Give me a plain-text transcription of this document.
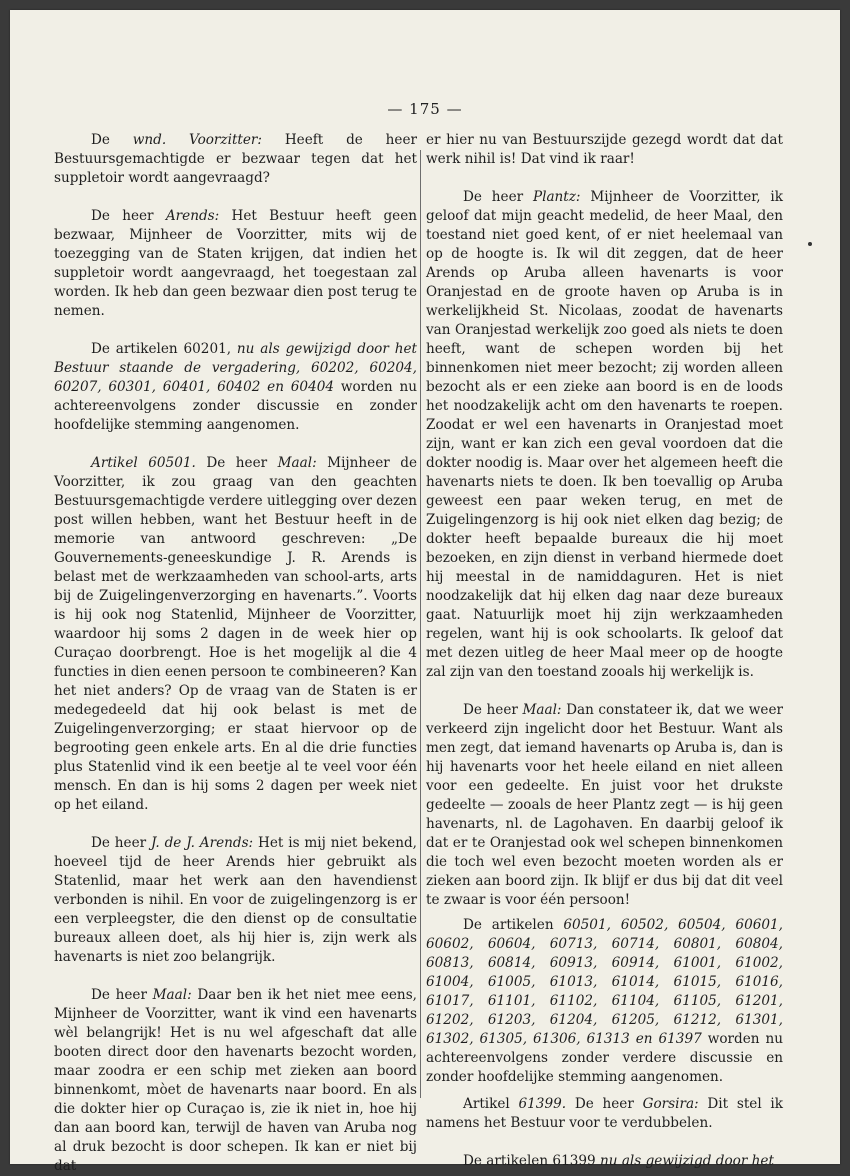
— 175 —

De wnd. Voorzitter: Heeft de heer Bestuursgemachtigde er bezwaar tegen dat het suppletoir wordt aangevraagd?

De heer Arends: Het Bestuur heeft geen bezwaar, Mijnheer de Voorzitter, mits wij de toezegging van de Staten krijgen, dat indien het suppletoir wordt aangevraagd, het toegestaan zal worden. Ik heb dan geen bezwaar dien post terug te nemen.

De artikelen 60201, nu als gewijzigd door het Bestuur staande de vergadering, 60202, 60204, 60207, 60301, 60401, 60402 en 60404 worden nu achtereenvolgens zonder discussie en zonder hoofdelijke stemming aangenomen.

Artikel 60501. De heer Maal: Mijnheer de Voorzitter, ik zou graag van den geachten Bestuursgemachtigde verdere uitlegging over dezen post willen hebben, want het Bestuur heeft in de memorie van antwoord geschreven: „De Gouvernements-geneeskundige J. R. Arends is belast met de werkzaamheden van school-arts, arts bij de Zuigelingenverzorging en havenarts.”. Voorts is hij ook nog Statenlid, Mijnheer de Voorzitter, waardoor hij soms 2 dagen in de week hier op Curaçao doorbrengt. Hoe is het mogelijk al die 4 functies in dien eenen persoon te combineeren? Kan het niet anders? Op de vraag van de Staten is er medegedeeld dat hij ook belast is met de Zuigelingenverzorging; er staat hiervoor op de begrooting geen enkele arts. En al die drie functies plus Statenlid vind ik een beetje al te veel voor één mensch. En dan is hij soms 2 dagen per week niet op het eiland.

De heer J. de J. Arends: Het is mij niet bekend, hoeveel tijd de heer Arends hier gebruikt als Statenlid, maar het werk aan den havendienst verbonden is nihil. En voor de zuigelingenzorg is er een verpleegster, die den dienst op de consultatie bureaux alleen doet, als hij hier is, zijn werk als havenarts is niet zoo belangrijk.

De heer Maal: Daar ben ik het niet mee eens, Mijnheer de Voorzitter, want ik vind een havenarts wèl belangrijk! Het is nu wel afgeschaft dat alle booten direct door den havenarts bezocht worden, maar zoodra er een schip met zieken aan boord binnenkomt, mòet de havenarts naar boord. En als die dokter hier op Curaçao is, zie ik niet in, hoe hij dan aan boord kan, terwijl de haven van Aruba nog al druk bezocht is door schepen. Ik kan er niet bij dat

er hier nu van Bestuurszijde gezegd wordt dat dat werk nihil is! Dat vind ik raar!

De heer Plantz: Mijnheer de Voorzitter, ik geloof dat mijn geacht medelid, de heer Maal, den toestand niet goed kent, of er niet heelemaal van op de hoogte is. Ik wil dit zeggen, dat de heer Arends op Aruba alleen havenarts is voor Oranjestad en de groote haven op Aruba is in werkelijkheid St. Nicolaas, zoodat de havenarts van Oranjestad werkelijk zoo goed als niets te doen heeft, want de schepen worden bij het binnenkomen niet meer bezocht; zij worden alleen bezocht als er een zieke aan boord is en de loods het noodzakelijk acht om den havenarts te roepen. Zoodat er wel een havenarts in Oranjestad moet zijn, want er kan zich een geval voordoen dat die dokter noodig is. Maar over het algemeen heeft die havenarts niets te doen. Ik ben toevallig op Aruba geweest een paar weken terug, en met de Zuigelingenzorg is hij ook niet elken dag bezig; de dokter heeft bepaalde bureaux die hij moet bezoeken, en zijn dienst in verband hiermede doet hij meestal in de namiddaguren. Het is niet noodzakelijk dat hij elken dag naar deze bureaux gaat. Natuurlijk moet hij zijn werkzaamheden regelen, want hij is ook schoolarts. Ik geloof dat met dezen uitleg de heer Maal meer op de hoogte zal zijn van den toestand zooals hij werkelijk is.

De heer Maal: Dan constateer ik, dat we weer verkeerd zijn ingelicht door het Bestuur. Want als men zegt, dat iemand havenarts op Aruba is, dan is hij havenarts voor het heele eiland en niet alleen voor een gedeelte. En juist voor het drukste gedeelte — zooals de heer Plantz zegt — is hij geen havenarts, nl. de Lagohaven. En daarbij geloof ik dat er te Oranjestad ook wel schepen binnenkomen die toch wel even bezocht moeten worden als er zieken aan boord zijn. Ik blijf er dus bij dat dit veel te zwaar is voor één persoon!

De artikelen 60501, 60502, 60504, 60601, 60602, 60604, 60713, 60714, 60801, 60804, 60813, 60814, 60913, 60914, 61001, 61002, 61004, 61005, 61013, 61014, 61015, 61016, 61017, 61101, 61102, 61104, 61105, 61201, 61202, 61203, 61204, 61205, 61212, 61301, 61302, 61305, 61306, 61313 en 61397 worden nu achtereenvolgens zonder verdere discussie en zonder hoofdelijke stemming aangenomen.

Artikel 61399. De heer Gorsira: Dit stel ik namens het Bestuur voor te verdubbelen.

De artikelen 61399 nu als gewijzigd door het
